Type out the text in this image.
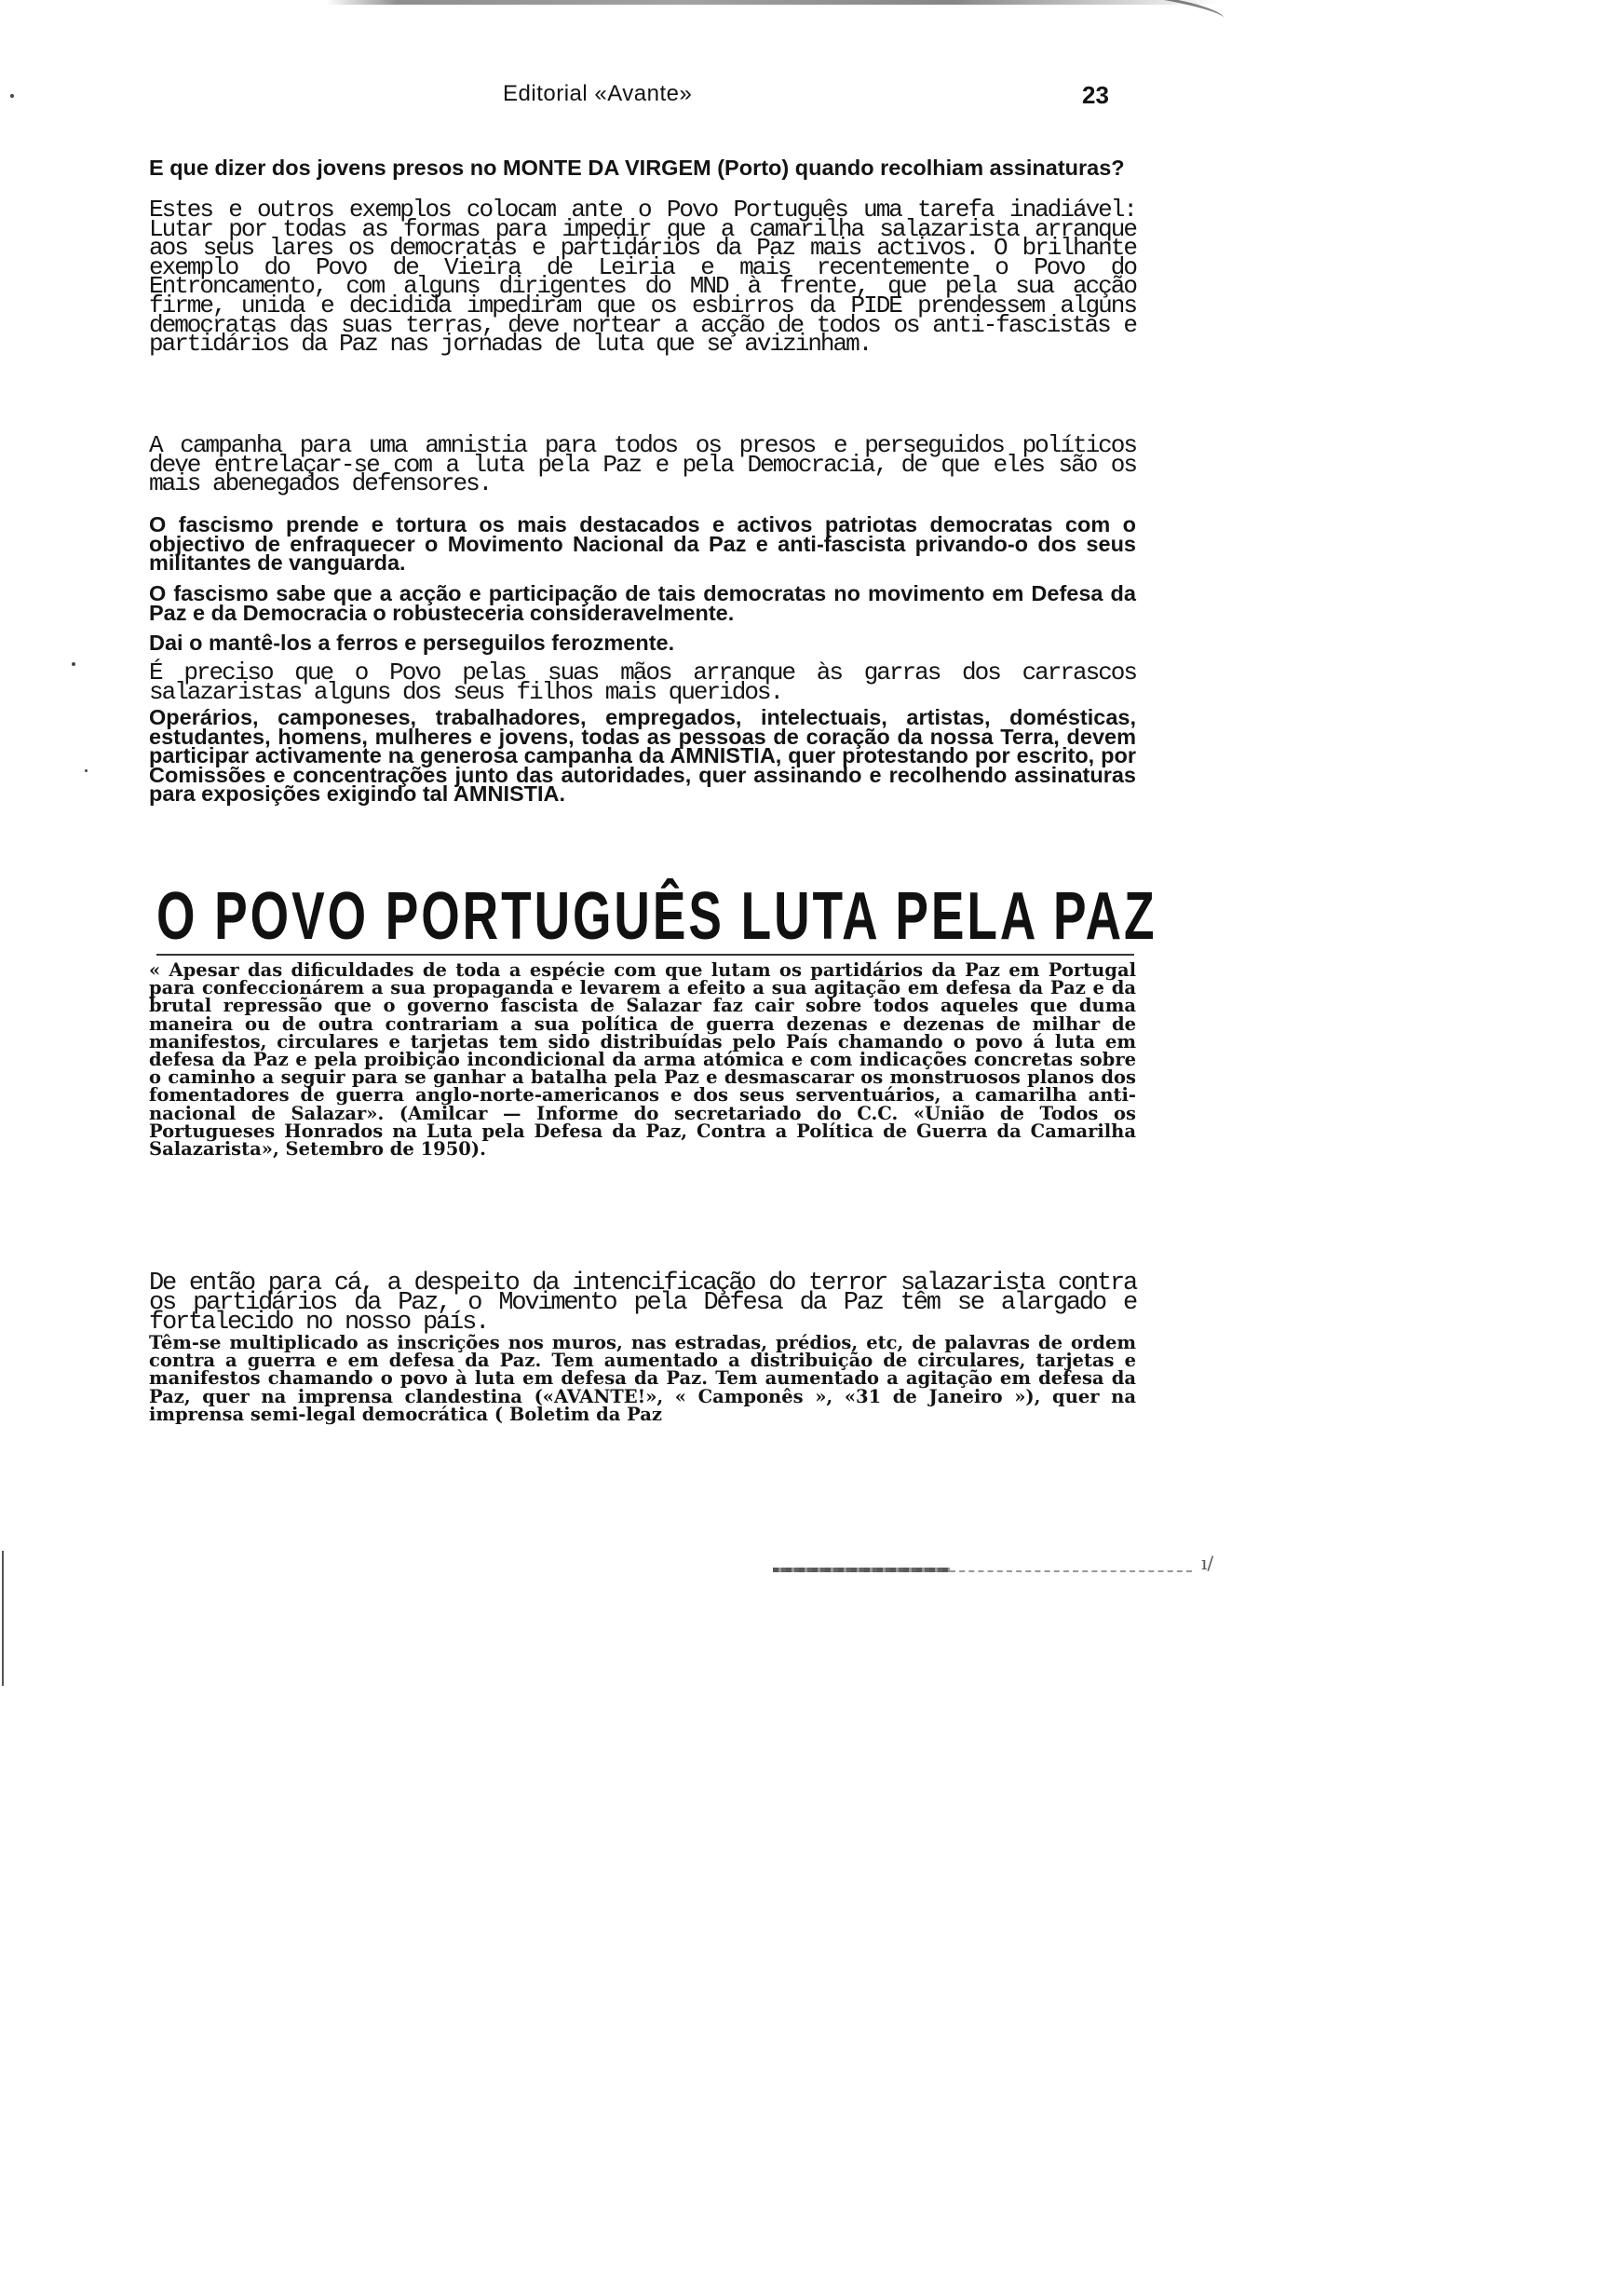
ı/
Editorial «Avante»	23

E que dizer dos jovens presos no MONTE DA VIRGEM (Porto) quando recolhiam assinaturas?

Estes e outros exemplos colocam ante o Povo Português uma tarefa inadiável: Lutar por todas as formas para impedir que a camarilha salazarista arranque aos seus lares os democratas e partidários da Paz mais activos. O brilhante exemplo do Povo de Vieira de Leiria e mais recentemente o Povo do Entroncamento, com alguns dirigentes do MND à frente, que pela sua acção firme, unida e decidida impediram que os esbirros da PIDE prendessem alguns democratas das suas terras, deve nortear a acção de todos os anti-fascistas e partidários da Paz nas jornadas de luta que se avizinham.

A campanha para uma amnistia para todos os presos e perseguidos políticos deve entrelaçar-se com a luta pela Paz e pela Democracia, de que eles são os mais abenegados defensores.

O fascismo prende e tortura os mais destacados e activos patriotas democratas com o objectivo de enfraquecer o Movimento Nacional da Paz e anti-fascista privando-o dos seus militantes de vanguarda.

O fascismo sabe que a acção e participação de tais democratas no movimento em Defesa da Paz e da Democracia o robusteceria consideravelmente.

Dai o mantê-los a ferros e perseguilos ferozmente.

É preciso que o Povo pelas suas mãos arranque às garras dos carrascos salazaristas alguns dos seus filhos mais queridos.

Operários, camponeses, trabalhadores, empregados, intelectuais, artistas, domésticas, estudantes, homens, mulheres e jovens, todas as pessoas de coração da nossa Terra, devem participar activamente na generosa campanha da AMNISTIA, quer protestando por escrito, por Comissões e concentrações junto das autoridades, quer assinando e recolhendo assinaturas para exposições exigindo tal AMNISTIA.

O POVO PORTUGUÊS LUTA PELA PAZ

« Apesar das dificuldades de toda a espécie com que lutam os partidários da Paz em Portugal para confeccionárem a sua propaganda e levarem a efeito a sua agitação em defesa da Paz e da brutal repressão que o governo fascista de Salazar faz cair sobre todos aqueles que duma maneira ou de outra contrariam a sua política de guerra dezenas e dezenas de milhar de manifestos, circulares e tarjetas tem sido distribuídas pelo País chamando o povo á luta em defesa da Paz e pela proibição incondicional da arma atómica e com indicações concretas sobre o caminho a seguir para se ganhar a batalha pela Paz e desmascarar os monstruosos planos dos fomentadores de guerra anglo-norte-americanos e dos seus serventuários, a camarilha anti-nacional de Salazar». (Amilcar — Informe do secretariado do C.C. «União de Todos os Portugueses Honrados na Luta pela Defesa da Paz, Contra a Política de Guerra da Camarilha Salazarista», Setembro de 1950).

De então para cá, a despeito da intencificação do terror salazarista contra os partidários da Paz, o Movimento pela Defesa da Paz têm se alargado e fortalecido no nosso país.

Têm-se multiplicado as inscrições nos muros, nas estradas, prédios, etc, de palavras de ordem contra a guerra e em defesa da Paz. Tem aumentado a distribuição de circulares, tarjetas e manifestos chamando o povo à luta em defesa da Paz. Tem aumentado a agitação em defesa da Paz, quer na imprensa clandestina («AVANTE!», « Camponês », «31 de Janeiro »), quer na imprensa semi-legal democrática ( Boletim da Paz
